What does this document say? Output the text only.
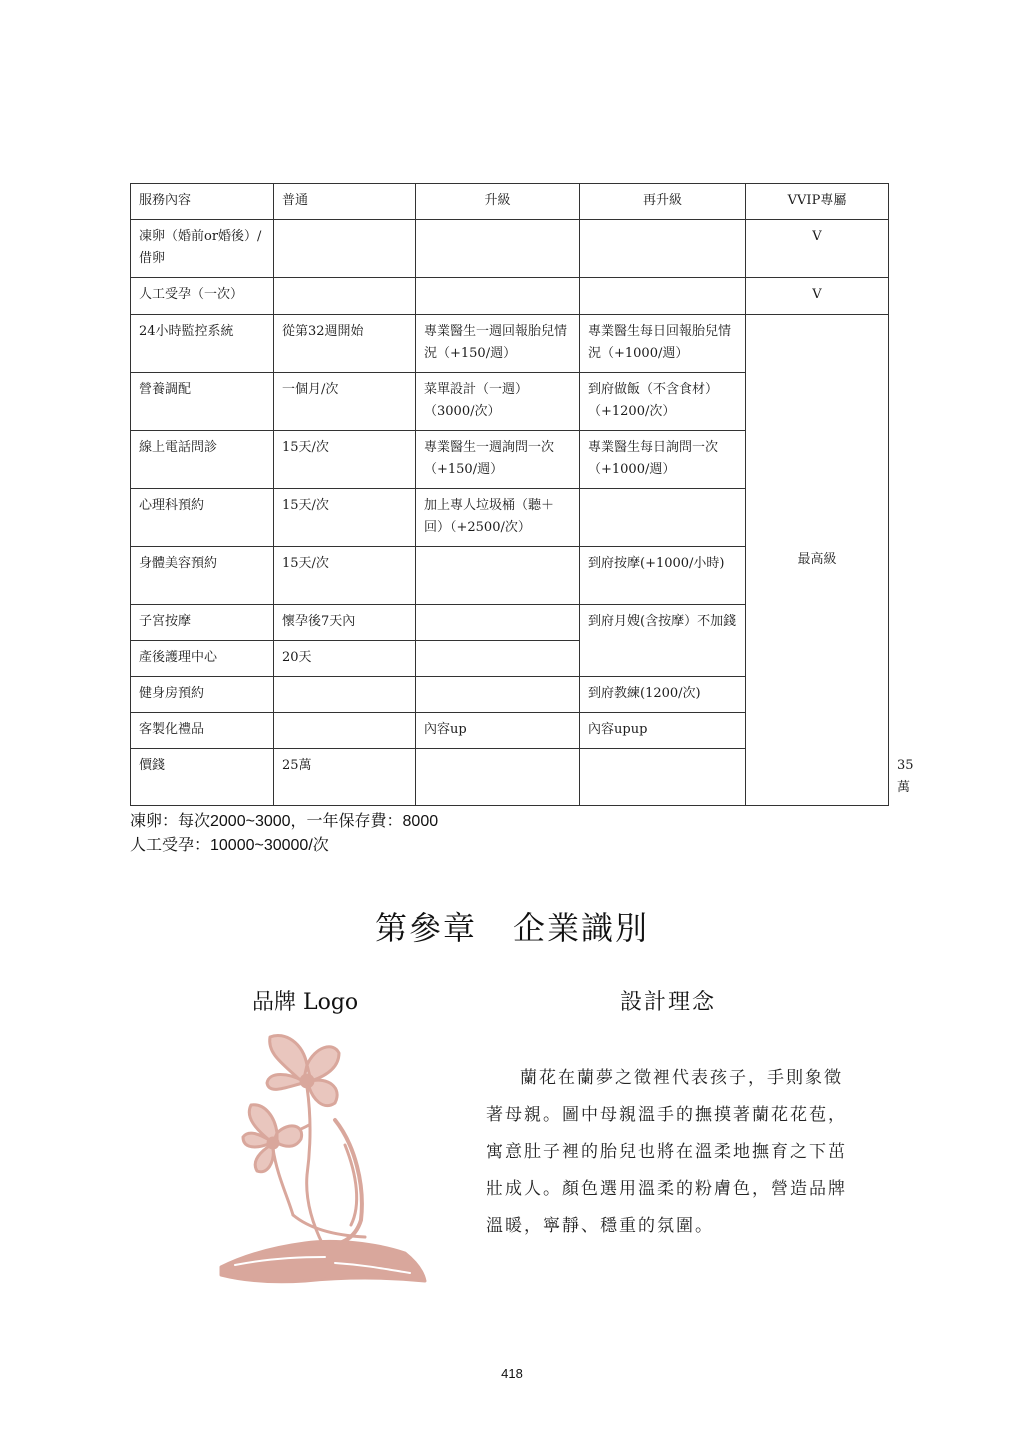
服務內容	普通	升級	再升級	VVIP專屬	
凍卵（婚前or婚後）/ 借卵				V	
人工受孕（一次）				V	
24小時監控系統	從第32週開始	專業醫生一週回報胎兒情況（+150/週）	專業醫生每日回報胎兒情況（+1000/週）	最高級	
營養調配	一個月/次	菜單設計（一週）（3000/次）	到府做飯（不含食材）（+1200/次）		
線上電話問診	15天/次	專業醫生一週詢問一次（+150/週）	專業醫生每日詢問一次（+1000/週）		
心理科預約	15天/次	加上專人垃圾桶（聽＋回）（+2500/次）			
身體美容預約	15天/次		到府按摩(+1000/小時)		
子宮按摩	懷孕後7天內		到府月嫂(含按摩）不加錢		
產後護理中心	20天				
健身房預約			到府教練(1200/次)		
客製化禮品		內容up	內容upup		
價錢	25萬				35萬
凍卵：每次2000~3000，一年保存費：8000
人工受孕：10000~30000/次
第參章 企業識別
品牌 Logo	設計理念
蘭花在蘭夢之徵裡代表孩子，手則象徵著母親。圖中母親溫手的撫摸著蘭花花苞，寓意肚子裡的胎兒也將在溫柔地撫育之下茁壯成人。顏色選用溫柔的粉膚色，營造品牌溫暖，寧靜、穩重的氛圍。
418
